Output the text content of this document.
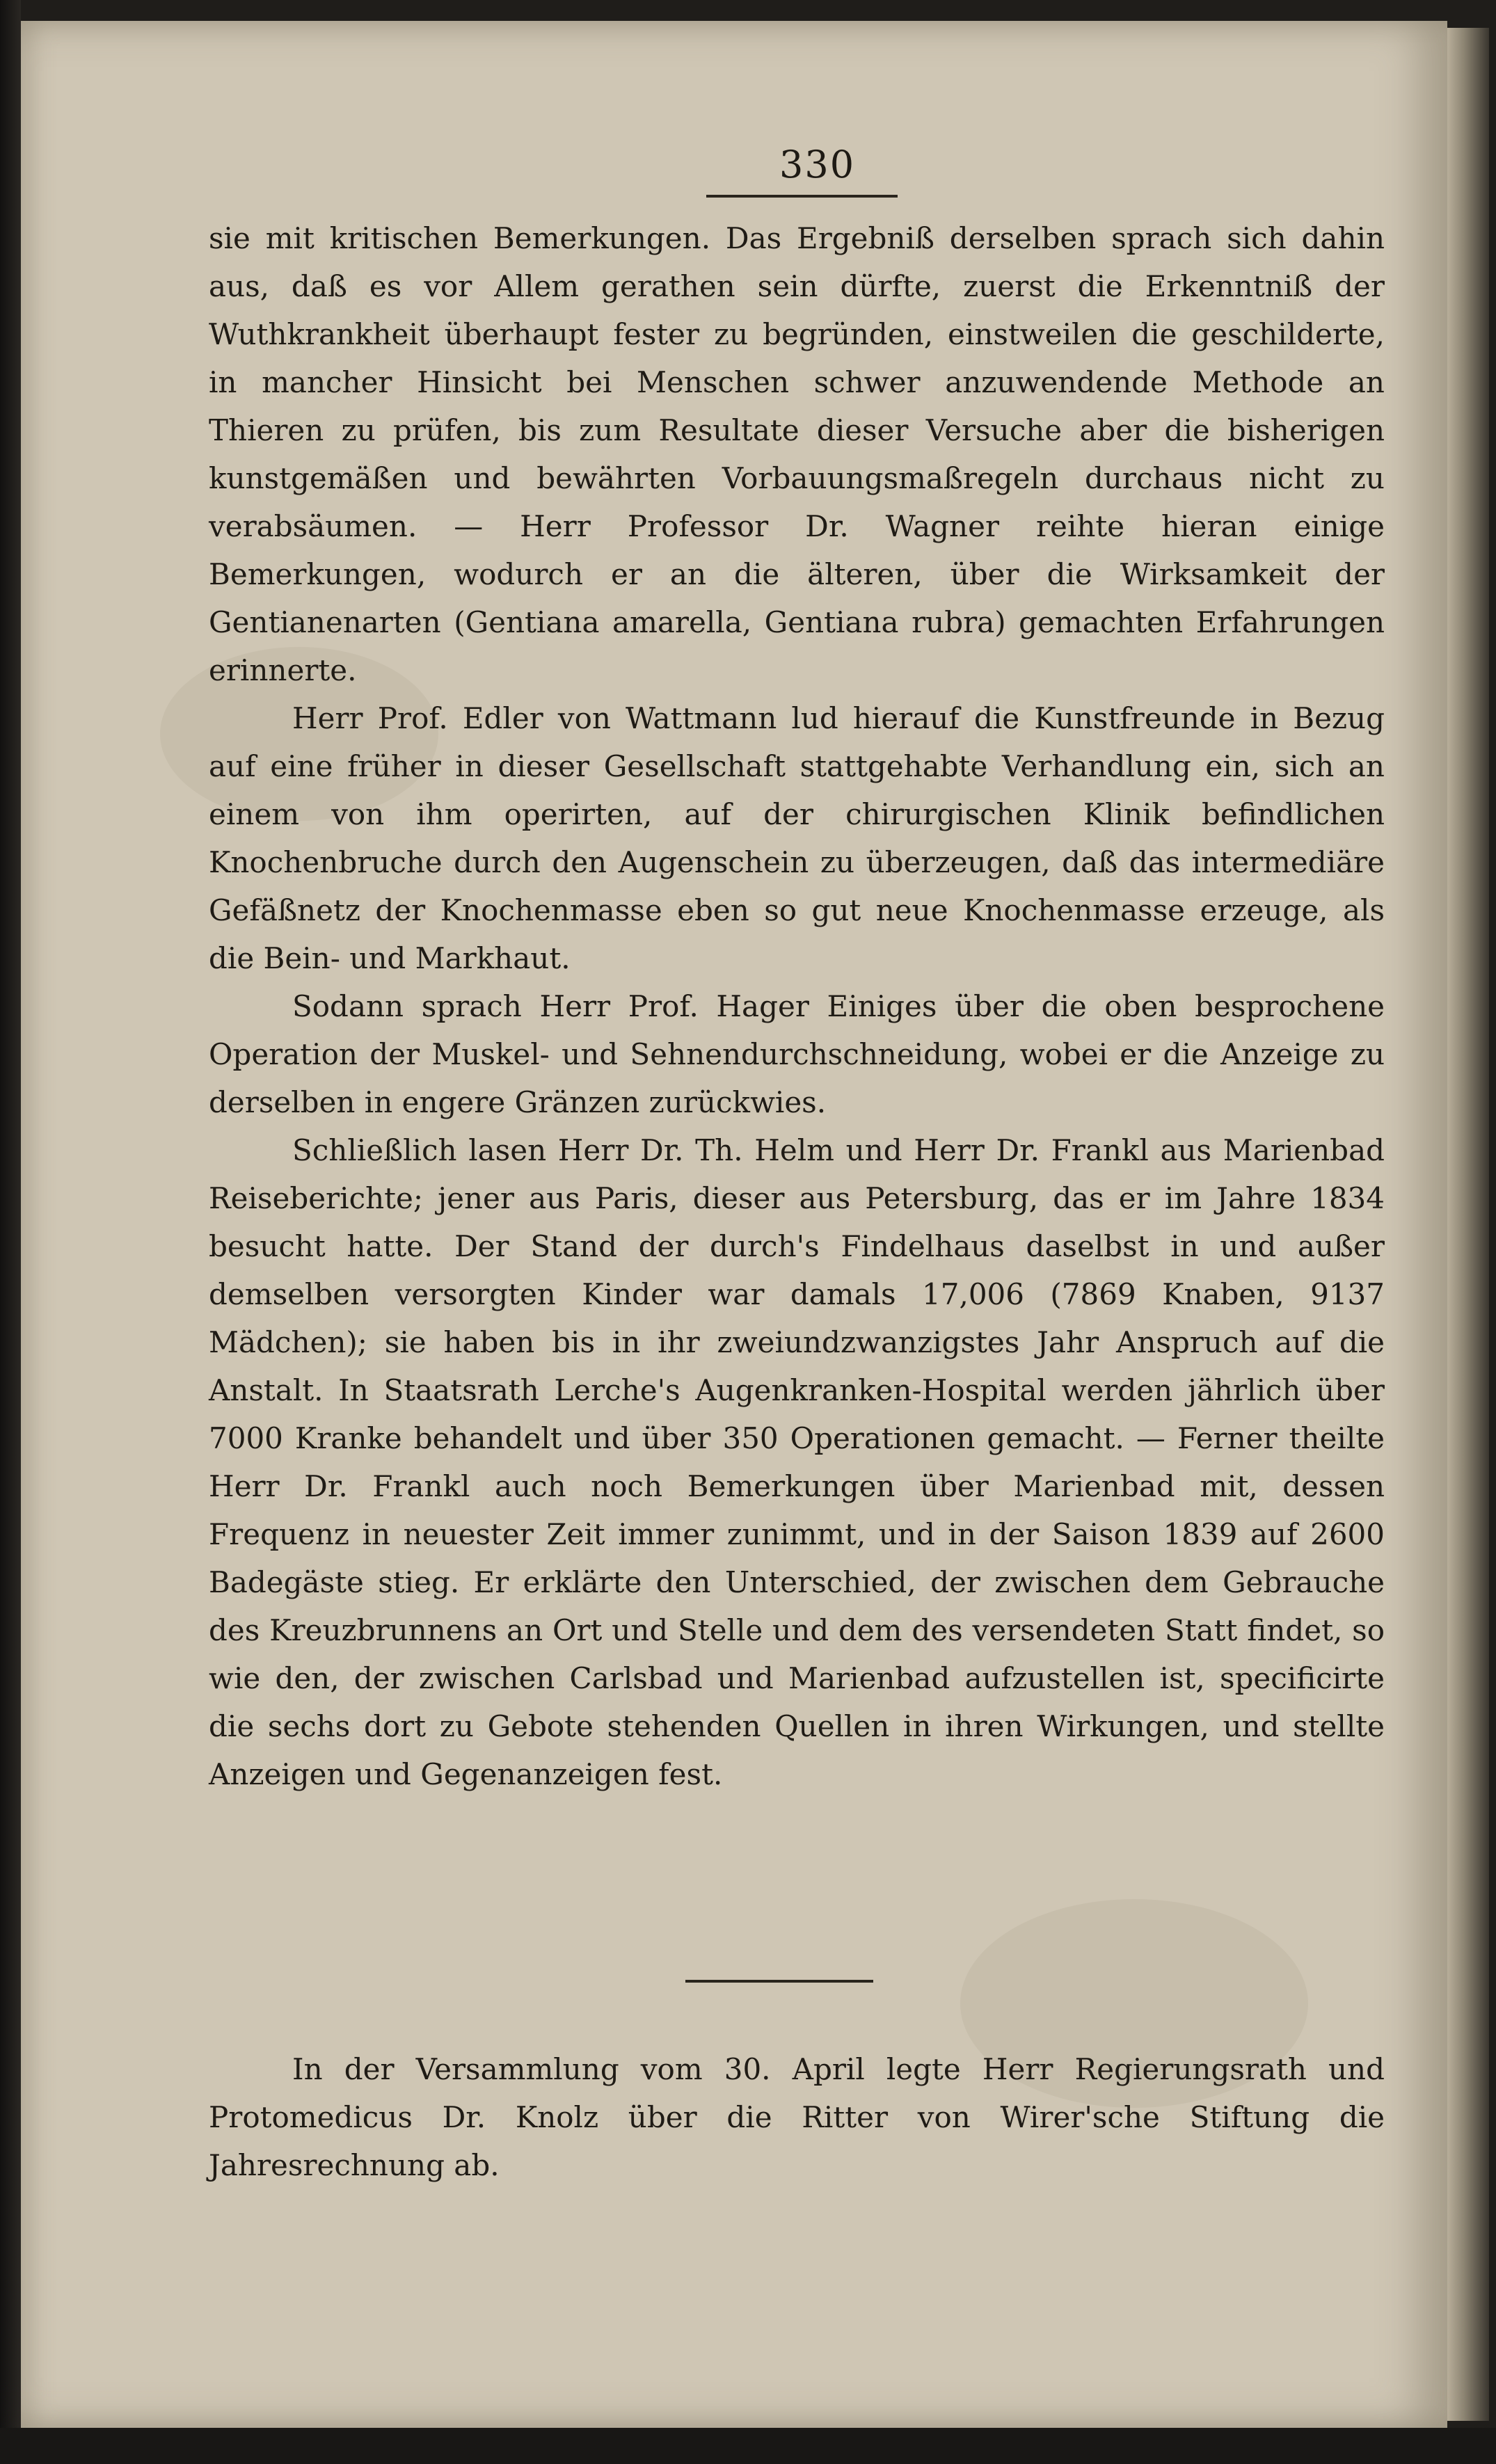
330

sie mit kritischen Bemerkungen. Das Ergebniß derselben sprach sich dahin aus, daß es vor Allem gerathen sein dürfte, zuerst die Erkenntniß der Wuthkrankheit überhaupt fester zu begründen, einstweilen die geschilderte, in mancher Hinsicht bei Menschen schwer anzuwendende Methode an Thieren zu prüfen, bis zum Resultate dieser Versuche aber die bisherigen kunstgemäßen und bewährten Vorbauungsmaßregeln durchaus nicht zu verabsäumen. — Herr Professor Dr. Wagner reihte hieran einige Bemerkungen, wodurch er an die älteren, über die Wirksamkeit der Gentianenarten (Gentiana amarella, Gentiana rubra) gemachten Erfahrungen erinnerte.

Herr Prof. Edler von Wattmann lud hierauf die Kunstfreunde in Bezug auf eine früher in dieser Gesellschaft stattgehabte Verhandlung ein, sich an einem von ihm operirten, auf der chirurgischen Klinik befindlichen Knochenbruche durch den Augenschein zu überzeugen, daß das intermediäre Gefäßnetz der Knochenmasse eben so gut neue Knochenmasse erzeuge, als die Bein- und Markhaut.

Sodann sprach Herr Prof. Hager Einiges über die oben besprochene Operation der Muskel- und Sehnendurchschneidung, wobei er die Anzeige zu derselben in engere Gränzen zurückwies.

Schließlich lasen Herr Dr. Th. Helm und Herr Dr. Frankl aus Marienbad Reiseberichte; jener aus Paris, dieser aus Petersburg, das er im Jahre 1834 besucht hatte. Der Stand der durch's Findelhaus daselbst in und außer demselben versorgten Kinder war damals 17,006 (7869 Knaben, 9137 Mädchen); sie haben bis in ihr zweiundzwanzigstes Jahr Anspruch auf die Anstalt. In Staatsrath Lerche's Augenkranken-Hospital werden jährlich über 7000 Kranke behandelt und über 350 Operationen gemacht. — Ferner theilte Herr Dr. Frankl auch noch Bemerkungen über Marienbad mit, dessen Frequenz in neuester Zeit immer zunimmt, und in der Saison 1839 auf 2600 Badegäste stieg. Er erklärte den Unterschied, der zwischen dem Gebrauche des Kreuzbrunnens an Ort und Stelle und dem des versendeten Statt findet, so wie den, der zwischen Carlsbad und Marienbad aufzustellen ist, specificirte die sechs dort zu Gebote stehenden Quellen in ihren Wirkungen, und stellte Anzeigen und Gegenanzeigen fest.

In der Versammlung vom 30. April legte Herr Regierungsrath und Protomedicus Dr. Knolz über die Ritter von Wirer'sche Stiftung die Jahresrechnung ab.
